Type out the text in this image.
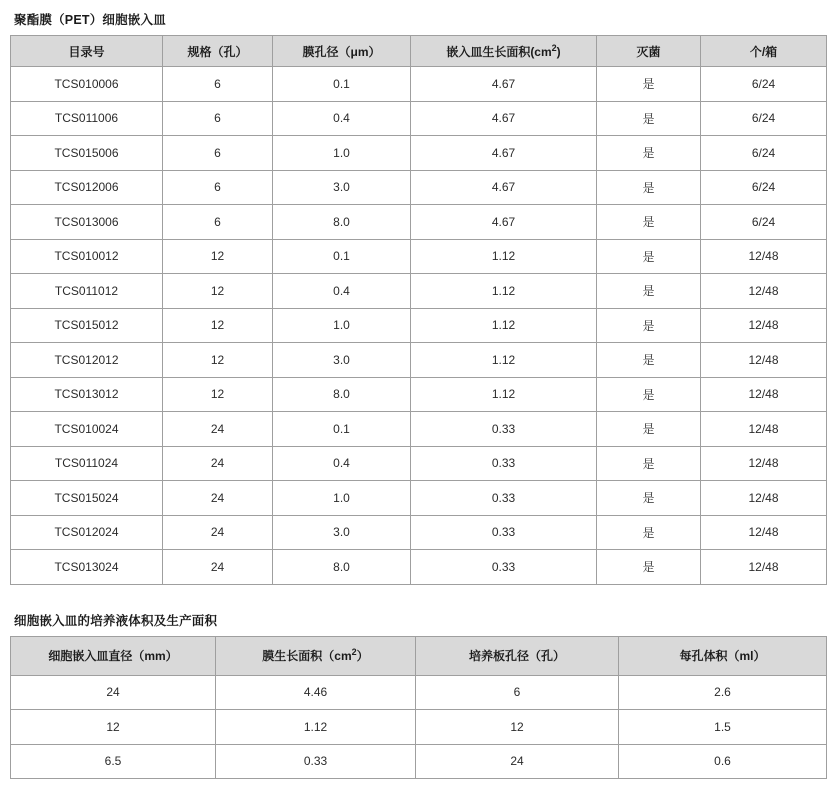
聚酯膜（PET）细胞嵌入皿
目录号	规格（孔）	膜孔径（μm）	嵌入皿生长面积$(cm^2)$	灭菌	个/箱
TCS010006	6	0.1	4.67	是	6/24
TCS011006	6	0.4	4.67	是	6/24
TCS015006	6	1.0	4.67	是	6/24
TCS012006	6	3.0	4.67	是	6/24
TCS013006	6	8.0	4.67	是	6/24
TCS010012	12	0.1	1.12	是	12/48
TCS011012	12	0.4	1.12	是	12/48
TCS015012	12	1.0	1.12	是	12/48
TCS012012	12	3.0	1.12	是	12/48
TCS013012	12	8.0	1.12	是	12/48
TCS010024	24	0.1	0.33	是	12/48
TCS011024	24	0.4	0.33	是	12/48
TCS015024	24	1.0	0.33	是	12/48
TCS012024	24	3.0	0.33	是	12/48
TCS013024	24	8.0	0.33	是	12/48
细胞嵌入皿的培养液体积及生产面积
细胞嵌入皿直径（mm）	膜生长面积$(cm^2)$	培养板孔径（孔）	每孔体积（ml）
24	4.46	6	2.6
12	1.12	12	1.5
6.5	0.33	24	0.6
